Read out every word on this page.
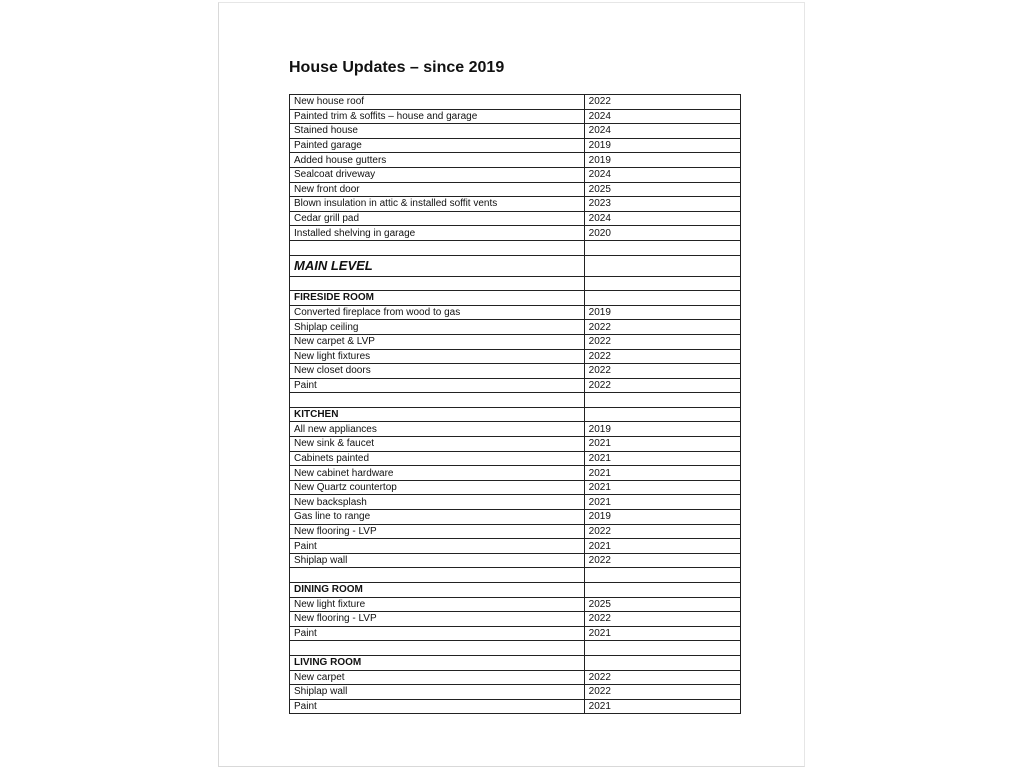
House Updates – since 2019
New house roof	2022
Painted trim & soffits – house and garage	2024
Stained house	2024
Painted garage	2019
Added house gutters	2019
Sealcoat driveway	2024
New front door	2025
Blown insulation in attic & installed soffit vents	2023
Cedar grill pad	2024
Installed shelving in garage	2020

MAIN LEVEL	

FIRESIDE ROOM	
Converted fireplace from wood to gas	2019
Shiplap ceiling	2022
New carpet & LVP	2022
New light fixtures	2022
New closet doors	2022
Paint	2022

KITCHEN	
All new appliances	2019
New sink & faucet	2021
Cabinets painted	2021
New cabinet hardware	2021
New Quartz countertop	2021
New backsplash	2021
Gas line to range	2019
New flooring - LVP	2022
Paint	2021
Shiplap wall	2022

DINING ROOM	
New light fixture	2025
New flooring - LVP	2022
Paint	2021

LIVING ROOM	
New carpet	2022
Shiplap wall	2022
Paint	2021
